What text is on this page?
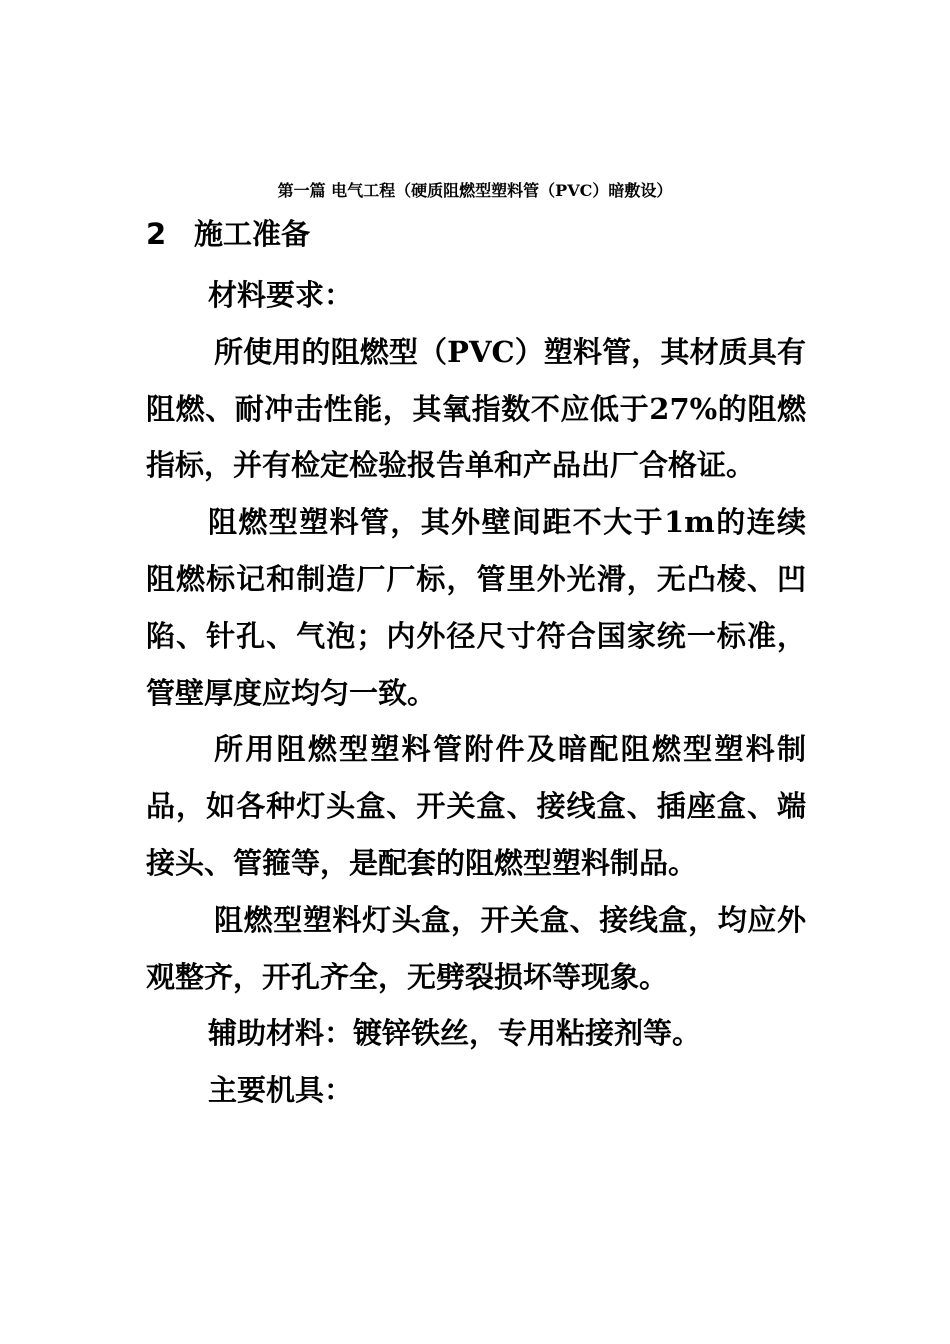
第一篇 电气工程（硬质阻燃型塑料管（PVC）暗敷设）
2 施工准备

材料要求：

所使用的阻燃型（PVC）塑料管，其材质具有阻燃、耐冲击性能，其氧指数不应低于27%的阻燃指标，并有检定检验报告单和产品出厂合格证。

阻燃型塑料管，其外壁间距不大于1m的连续阻燃标记和制造厂厂标，管里外光滑，无凸棱、凹陷、针孔、气泡；内外径尺寸符合国家统一标准，管壁厚度应均匀一致。

所用阻燃型塑料管附件及暗配阻燃型塑料制品，如各种灯头盒、开关盒、接线盒、插座盒、端接头、管箍等，是配套的阻燃型塑料制品。

阻燃型塑料灯头盒，开关盒、接线盒，均应外观整齐，开孔齐全，无劈裂损坏等现象。

辅助材料：镀锌铁丝，专用粘接剂等。

主要机具：
